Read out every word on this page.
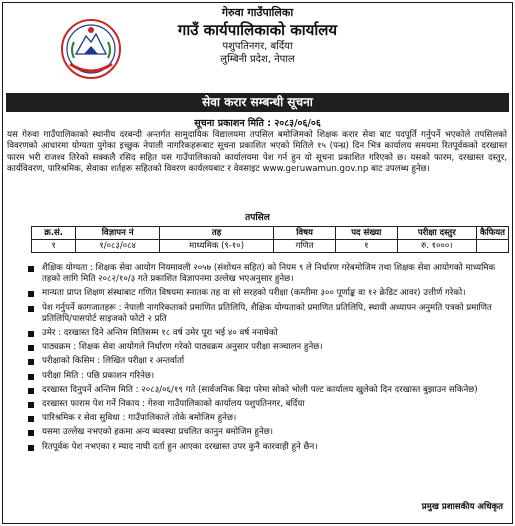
गेरुवा गाउँपालिका
गाउँ कार्यपालिकाको कार्यालय
पशुपतिनगर, बर्दिया
लुम्बिनी प्रदेश, नेपाल
सेवा करार सम्बन्धी सूचना
सूचना प्रकाशन मिति : २०८३/०६/०६

यस गेरुवा गाउँपालिकाको स्थानीय दरबन्दी अन्तर्गत सामुदायिक विद्यालयमा तपसिल बमोजिमको शिक्षक करार सेवा बाट पदपूर्ति गर्नुपर्ने भएकोले तपसिलको विवरणको आधारमा योग्यता पुगेका इच्छुक नेपाली नागरिकहरूबाट सूचना प्रकाशित भएको मितिले १५ (पन्ध्र) दिन भित्र कार्यालय समयमा रितपूर्वकको दरखास्त फारम भरी राजश्व तिरेको सक्कलै रसिद सहित यस गाउँपालिकाको कार्यालयमा पेश गर्न हुन यो सूचना प्रकाशित गरिएको छ। यसको फारम, दरखास्त दस्तुर, कार्यविवरण, पारिश्रमिक, सेवाका शर्तहरू सहितको विवरण कार्यलयबाट र वेवसाइट www.geruwamun.gov.np बाट उपलब्ध हुनेछ।

तपसिल
क्र.सं.	विज्ञापन नं	तह	विषय	पद संख्या	परीक्षा दस्तुर	कैफियत
१	१/०८३/०८४	माध्यमिक (९-१०)	गणित	१	रु. १०००।	
शैक्षिक योग्यता : शिक्षक सेवा आयोग नियमावली २०५७ (संशोधन सहित) को नियम ९ ले निर्धारण गरेबमोजिम तथा शिक्षक सेवा आयोगको माध्यमिक तहको लागि मिति २०८२/१०/३ गते प्रकाशित विज्ञापनमा उल्लेख भएअनुसार हुनेछ।
मान्यता प्राप्त शिक्षण संस्थाबाट गणित विषयमा स्नातक तह वा सो सरहको परीक्षा (कम्तीमा ३०० पूर्णाङ्क वा १२ क्रेडिट आवर) उत्तीर्ण गरेको।
पेश गर्नुपर्ने कागजातहरू : नेपाली नागरिकताको प्रमाणित प्रतिलिपि, शैक्षिक योग्यताको प्रमाणित प्रतिलिपि, स्थायी अध्यापन अनुमति पत्रको प्रमाणित प्रतिलिपि/पासपोर्ट साइजको फोटो २ प्रति
उमेर : दरखास्त दिने अन्तिम मितिसम्म १८ वर्ष उमेर पूरा भई ४० वर्ष ननाघेको
पाठ्यक्रम : शिक्षक सेवा आयोगले निर्धारण गरेको पाठ्यक्रम अनुसार परीक्षा सञ्चालन हुनेछ।
परीक्षाको किसिम : लिखित परीक्षा र अन्तर्वार्ता
परीक्षा मिति : पछि प्रकाशन गरिनेछ।
दरखास्त दिनुपर्ने अन्तिम मिति : २०८३/०६/१९ गते (सार्वजनिक बिदा परेमा सोको भोली पल्ट कार्यालय खुलेको दिन दरखास्त बुझाउन सकिनेछ)
दरखास्त फाराम पेश गर्ने निकाय : गेरुवा गाउँपालिकाको कार्यालय पशुपतिनगर, बर्दिया
पारिश्रमिक र सेवा सुविधा : गाउँपालिकाले तोके बमोजिम हुनेछ।
यसमा उल्लेख नभएको हकमा अन्य ब्यवस्था प्रचलित कानुन बमोजिम हुनेछ।
रितपूर्वक पेश नभएका र म्याद नाघी दर्ता हुन आएका दरखास्त उपर कुनै कारवाही हुने छैन।
प्रमुख प्रशासकीय अधिकृत
